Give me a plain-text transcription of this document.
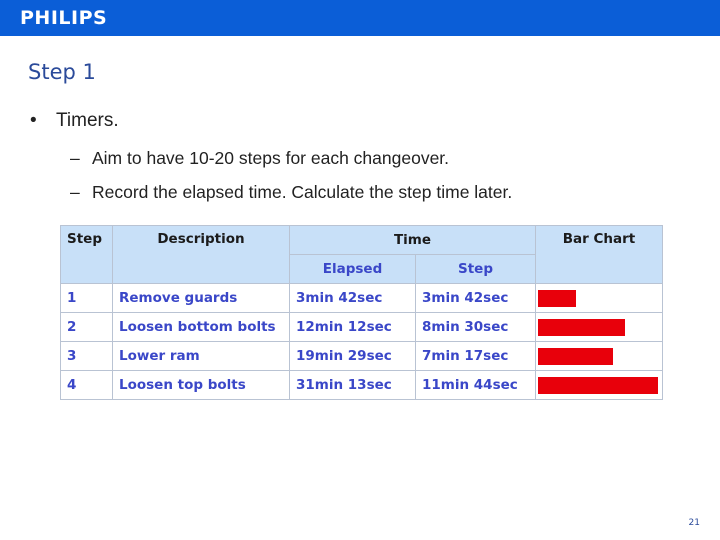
PHILIPS
Step 1
• Timers.
– Aim to have 10-20 steps for each changeover.
– Record the elapsed time. Calculate the step time later.
Step	Description	Time		Bar Chart
		Elapsed	Step	
1	Remove guards	3min 42sec	3min 42sec	

2	Loosen bottom bolts	12min 12sec	8min 30sec	

3	Lower ram	19min 29sec	7min 17sec	

4	Loosen top bolts	31min 13sec	11min 44sec	
21
